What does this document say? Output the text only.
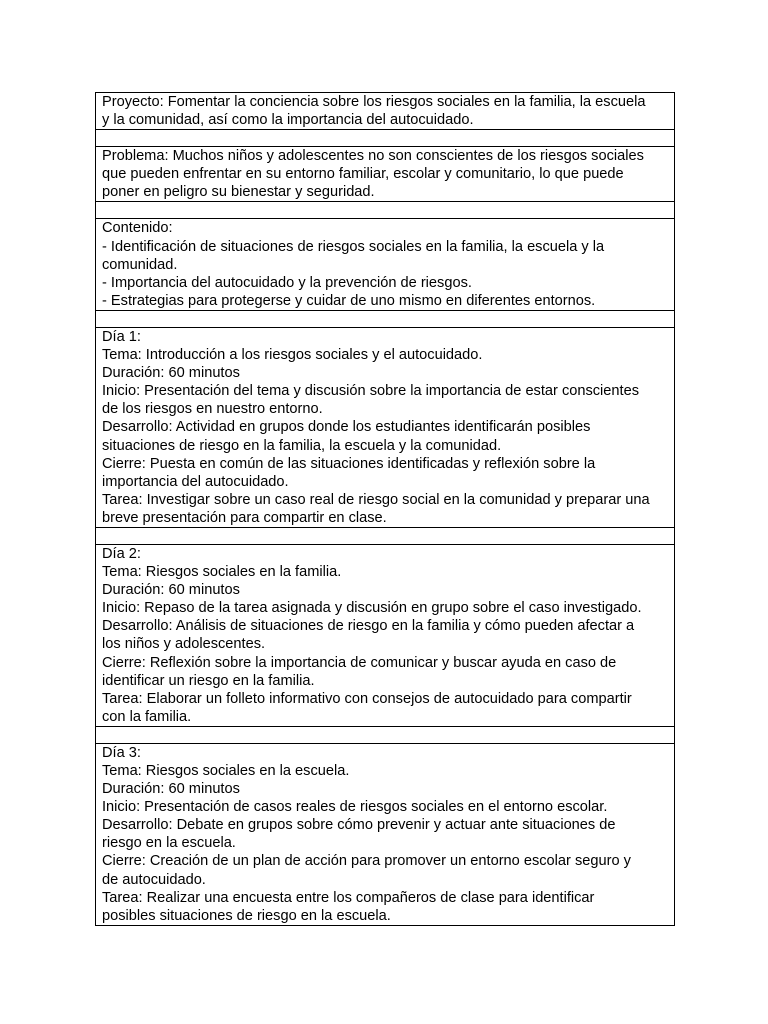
Proyecto: Fomentar la conciencia sobre los riesgos sociales en la familia, la escuela
y la comunidad, así como la importancia del autocuidado.

Problema: Muchos niños y adolescentes no son conscientes de los riesgos sociales
que pueden enfrentar en su entorno familiar, escolar y comunitario, lo que puede
poner en peligro su bienestar y seguridad.

Contenido:
- Identificación de situaciones de riesgos sociales en la familia, la escuela y la
comunidad.
- Importancia del autocuidado y la prevención de riesgos.
- Estrategias para protegerse y cuidar de uno mismo en diferentes entornos.

Día 1:
Tema: Introducción a los riesgos sociales y el autocuidado.
Duración: 60 minutos
Inicio: Presentación del tema y discusión sobre la importancia de estar conscientes
de los riesgos en nuestro entorno.
Desarrollo: Actividad en grupos donde los estudiantes identificarán posibles
situaciones de riesgo en la familia, la escuela y la comunidad.
Cierre: Puesta en común de las situaciones identificadas y reflexión sobre la
importancia del autocuidado.
Tarea: Investigar sobre un caso real de riesgo social en la comunidad y preparar una
breve presentación para compartir en clase.

Día 2:
Tema: Riesgos sociales en la familia.
Duración: 60 minutos
Inicio: Repaso de la tarea asignada y discusión en grupo sobre el caso investigado.
Desarrollo: Análisis de situaciones de riesgo en la familia y cómo pueden afectar a
los niños y adolescentes.
Cierre: Reflexión sobre la importancia de comunicar y buscar ayuda en caso de
identificar un riesgo en la familia.
Tarea: Elaborar un folleto informativo con consejos de autocuidado para compartir
con la familia.

Día 3:
Tema: Riesgos sociales en la escuela.
Duración: 60 minutos
Inicio: Presentación de casos reales de riesgos sociales en el entorno escolar.
Desarrollo: Debate en grupos sobre cómo prevenir y actuar ante situaciones de
riesgo en la escuela.
Cierre: Creación de un plan de acción para promover un entorno escolar seguro y
de autocuidado.
Tarea: Realizar una encuesta entre los compañeros de clase para identificar
posibles situaciones de riesgo en la escuela.
